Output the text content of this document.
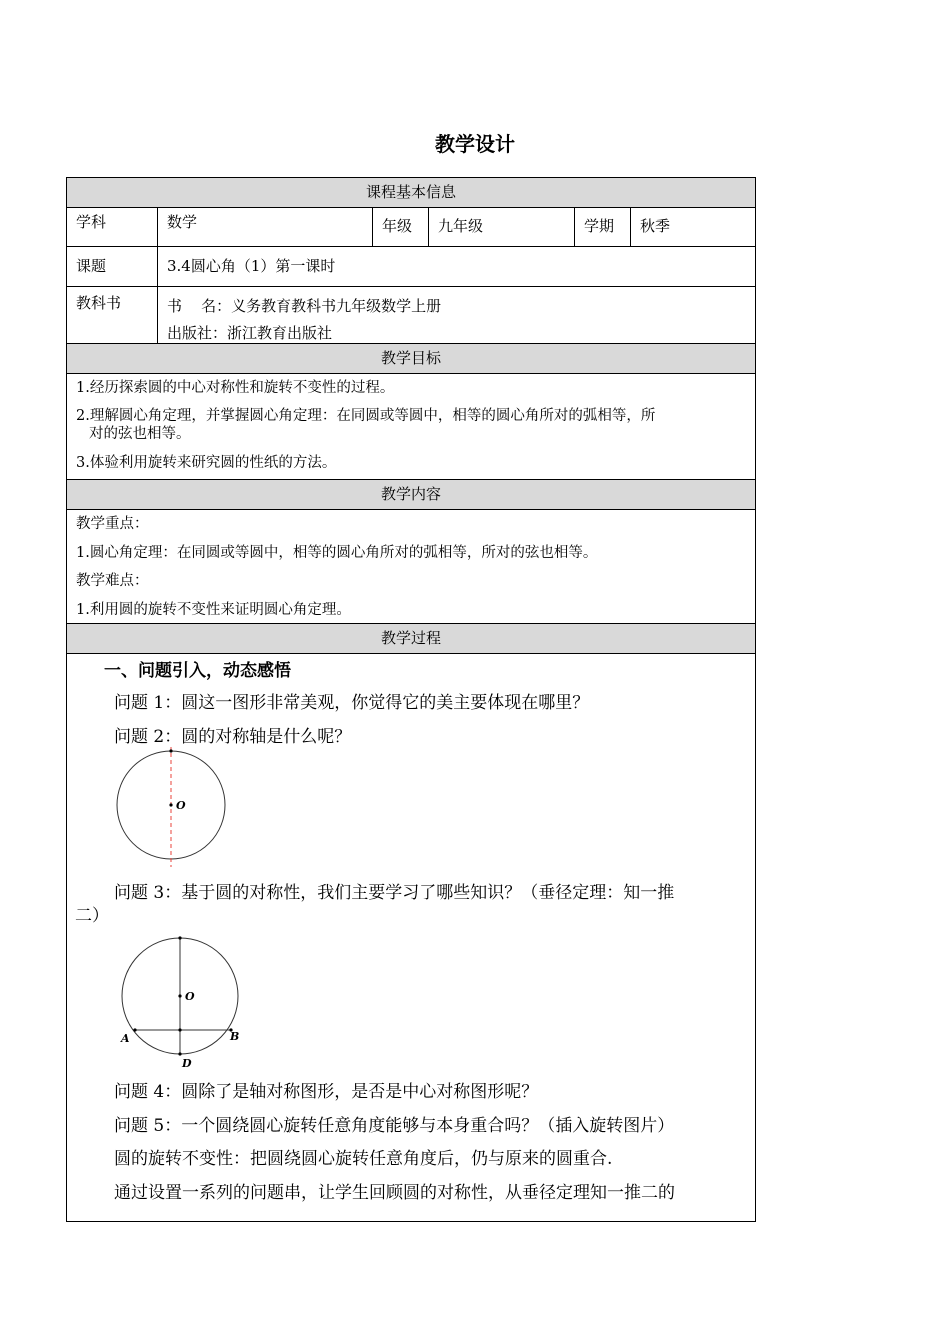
教学设计
课程基本信息
学科	数学	年级	九年级	学期	秋季
课题	3.4圆心角（1）第一课时
教科书	书    名：义务教育教科书九年级数学上册
出版社：浙江教育出版社
教学目标
1.经历探索圆的中心对称性和旋转不变性的过程。
2.理解圆心角定理，并掌握圆心角定理：在同圆或等圆中，相等的圆心角所对的弧相等，所
对的弦也相等。
3.体验利用旋转来研究圆的性纸的方法。
教学内容
教学重点：
1.圆心角定理：在同圆或等圆中，相等的圆心角所对的弧相等，所对的弦也相等。
教学难点：
1.利用圆的旋转不变性来证明圆心角定理。
教学过程
一、问题引入，动态感悟
问题 1：圆这一图形非常美观，你觉得它的美主要体现在哪里？
问题 2：圆的对称轴是什么呢？
O
问题 3：基于圆的对称性，我们主要学习了哪些知识？（垂径定理：知一推
二）
O
A	B
D
问题 4：圆除了是轴对称图形，是否是中心对称图形呢？
问题 5：一个圆绕圆心旋转任意角度能够与本身重合吗？（插入旋转图片）
圆的旋转不变性：把圆绕圆心旋转任意角度后，仍与原来的圆重合.
通过设置一系列的问题串，让学生回顾圆的对称性，从垂径定理知一推二的
